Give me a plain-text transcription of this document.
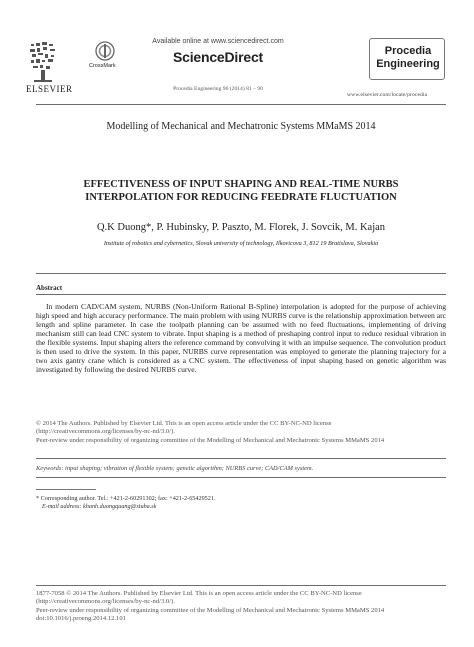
ELSEVIER
CrossMark
Available online at www.sciencedirect.com
ScienceDirect
Procedia Engineering 96 (2014) 81 – 90
Procedia
Engineering
www.elsevier.com/locate/procedia
Modelling of Mechanical and Mechatronic Systems MMaMS 2014
EFFECTIVENESS OF INPUT SHAPING AND REAL-TIME NURBS
INTERPOLATION FOR REDUCING FEEDRATE FLUCTUATION
Q.K Duong*, P. Hubinsky, P. Paszto, M. Florek, J. Sovcik, M. Kajan
Institute of robotics and cybernetics, Slovak university of technology, Ilkovicova 3, 812 19 Bratislava, Slovakia
Abstract
In modern CAD/CAM system, NURBS (Non-Uniform Rational B-Spline) interpolation is adopted for the purpose of achieving high speed and high accuracy performance. The main problem with using NURBS curve is the relationship approximation between arc length and spline parameter. In case the toolpath planning can be assumed with no feed fluctuations, implementing of driving mechanism still can lead CNC system to vibrate. Input shaping is a method of preshaping control input to reduce residual vibration in the flexible systems. Input shaping alters the reference command by convolving it with an impulse sequence. The convolution product is then used to drive the system. In this paper, NURBS curve representation was employed to generate the planning trajectory for a two axis gantry crane which is considered as a CNC system. The effectiveness of input shaping based on genetic algorithm was investigated by following the desired NURBS curve.
© 2014 The Authors. Published by Elsevier Ltd. This is an open access article under the CC BY-NC-ND license
(http://creativecommons.org/licenses/by-nc-nd/3.0/).
Peer-review under responsibility of organizing committee of the Modelling of Mechanical and Mechatronic Systems MMaMS 2014
Keywords: input shaping; vibration of flexible system; genetic algorithm; NURBS curve; CAD/CAM system.
* Corresponding author. Tel.: +421-2-60291302; fax: +421-2-65429521.
E-mail address: khanh.duongquang@stuba.sk
1877-7058 © 2014 The Authors. Published by Elsevier Ltd. This is an open access article under the CC BY-NC-ND license
(http://creativecommons.org/licenses/by-nc-nd/3.0/).
Peer-review under responsibility of organizing committee of the Modelling of Mechanical and Mechatronic Systems MMaMS 2014
doi:10.1016/j.proeng.2014.12.101
